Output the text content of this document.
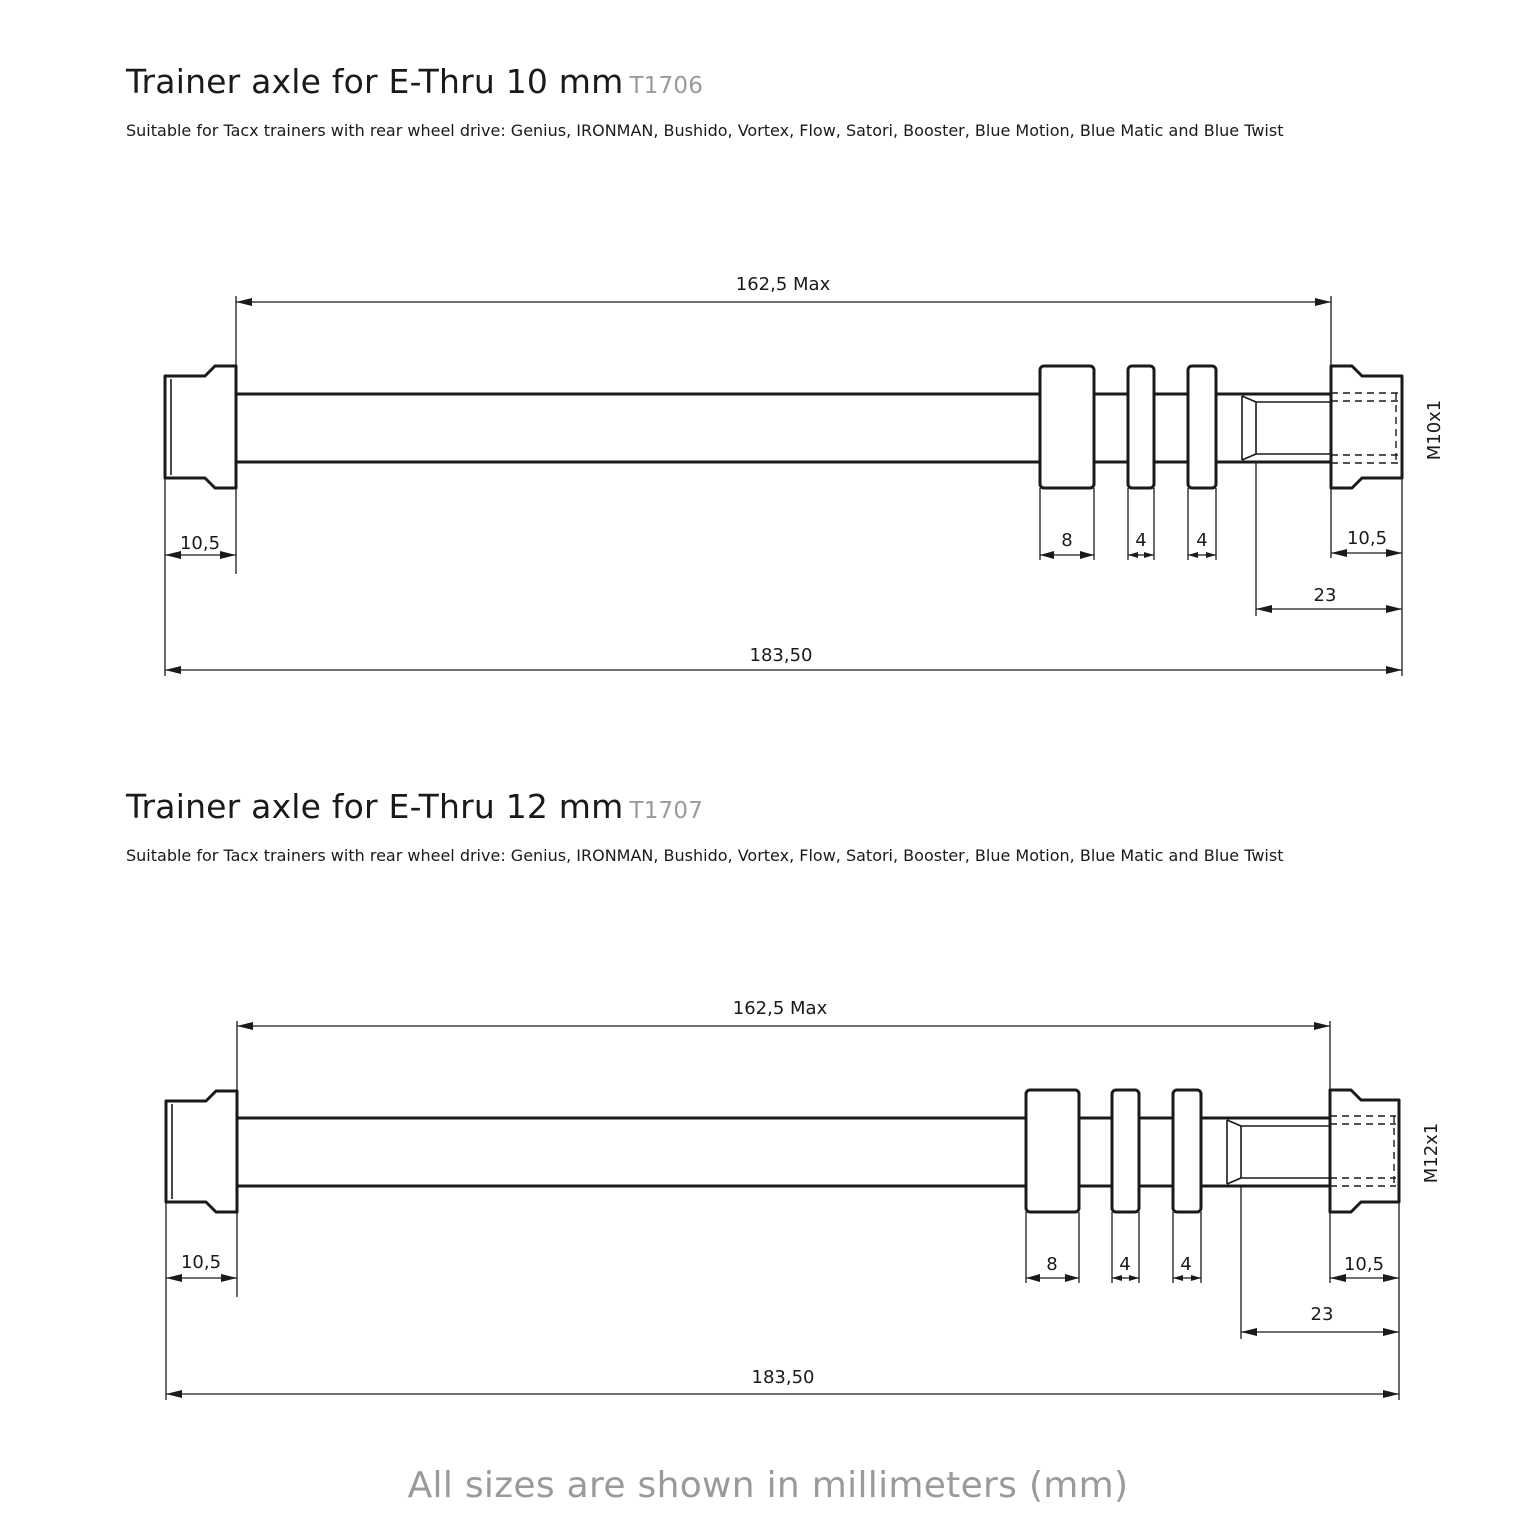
Trainer axle for E-Thru 10 mm T1706
Suitable for Tacx trainers with rear wheel drive: Genius, IRONMAN, Bushido, Vortex, Flow, Satori, Booster, Blue Motion, Blue Matic and Blue Twist
162,5 Max
10,5	8	4	4	10,5
23
183,50
M10x1
Trainer axle for E-Thru 12 mm T1707
Suitable for Tacx trainers with rear wheel drive: Genius, IRONMAN, Bushido, Vortex, Flow, Satori, Booster, Blue Motion, Blue Matic and Blue Twist
162,5 Max
10,5	8	4	4	10,5
23
183,50
M12x1
All sizes are shown in millimeters (mm)
